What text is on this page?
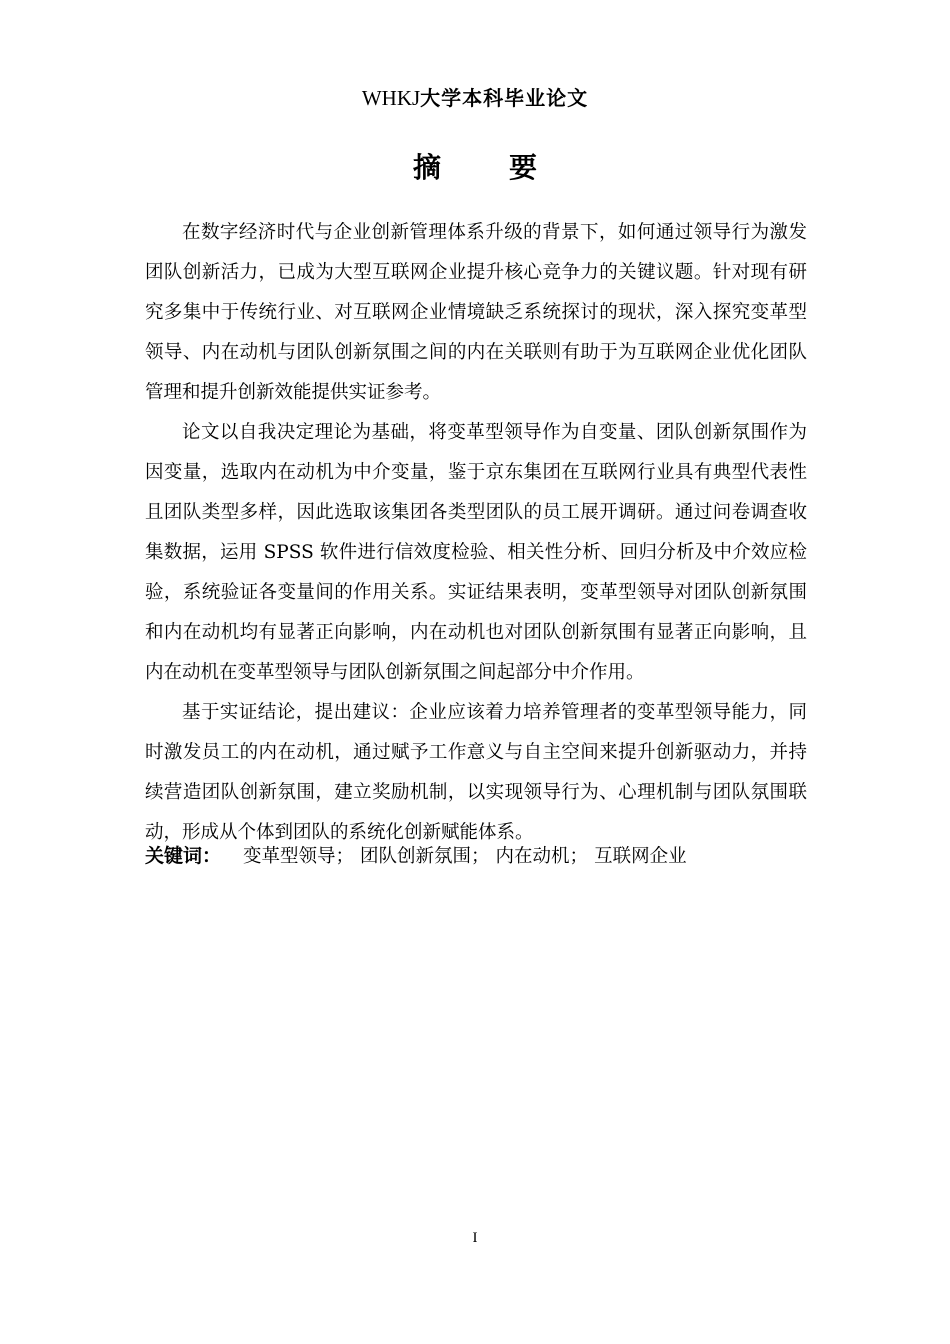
WHKJ大学本科毕业论文
摘 要

在数字经济时代与企业创新管理体系升级的背景下，如何通过领导行为激发团队创新活力，已成为大型互联网企业提升核心竞争力的关键议题。针对现有研究多集中于传统行业、对互联网企业情境缺乏系统探讨的现状，深入探究变革型领导、内在动机与团队创新氛围之间的内在关联则有助于为互联网企业优化团队管理和提升创新效能提供实证参考。

论文以自我决定理论为基础，将变革型领导作为自变量、团队创新氛围作为因变量，选取内在动机为中介变量，鉴于京东集团在互联网行业具有典型代表性且团队类型多样，因此选取该集团各类型团队的员工展开调研。通过问卷调查收集数据，运用 SPSS 软件进行信效度检验、相关性分析、回归分析及中介效应检验，系统验证各变量间的作用关系。实证结果表明，变革型领导对团队创新氛围和内在动机均有显著正向影响，内在动机也对团队创新氛围有显著正向影响，且内在动机在变革型领导与团队创新氛围之间起部分中介作用。

基于实证结论，提出建议：企业应该着力培养管理者的变革型领导能力，同时激发员工的内在动机，通过赋予工作意义与自主空间来提升创新驱动力，并持续营造团队创新氛围，建立奖励机制，以实现领导行为、心理机制与团队氛围联动，形成从个体到团队的系统化创新赋能体系。

关键词： 变革型领导； 团队创新氛围； 内在动机； 互联网企业
I
